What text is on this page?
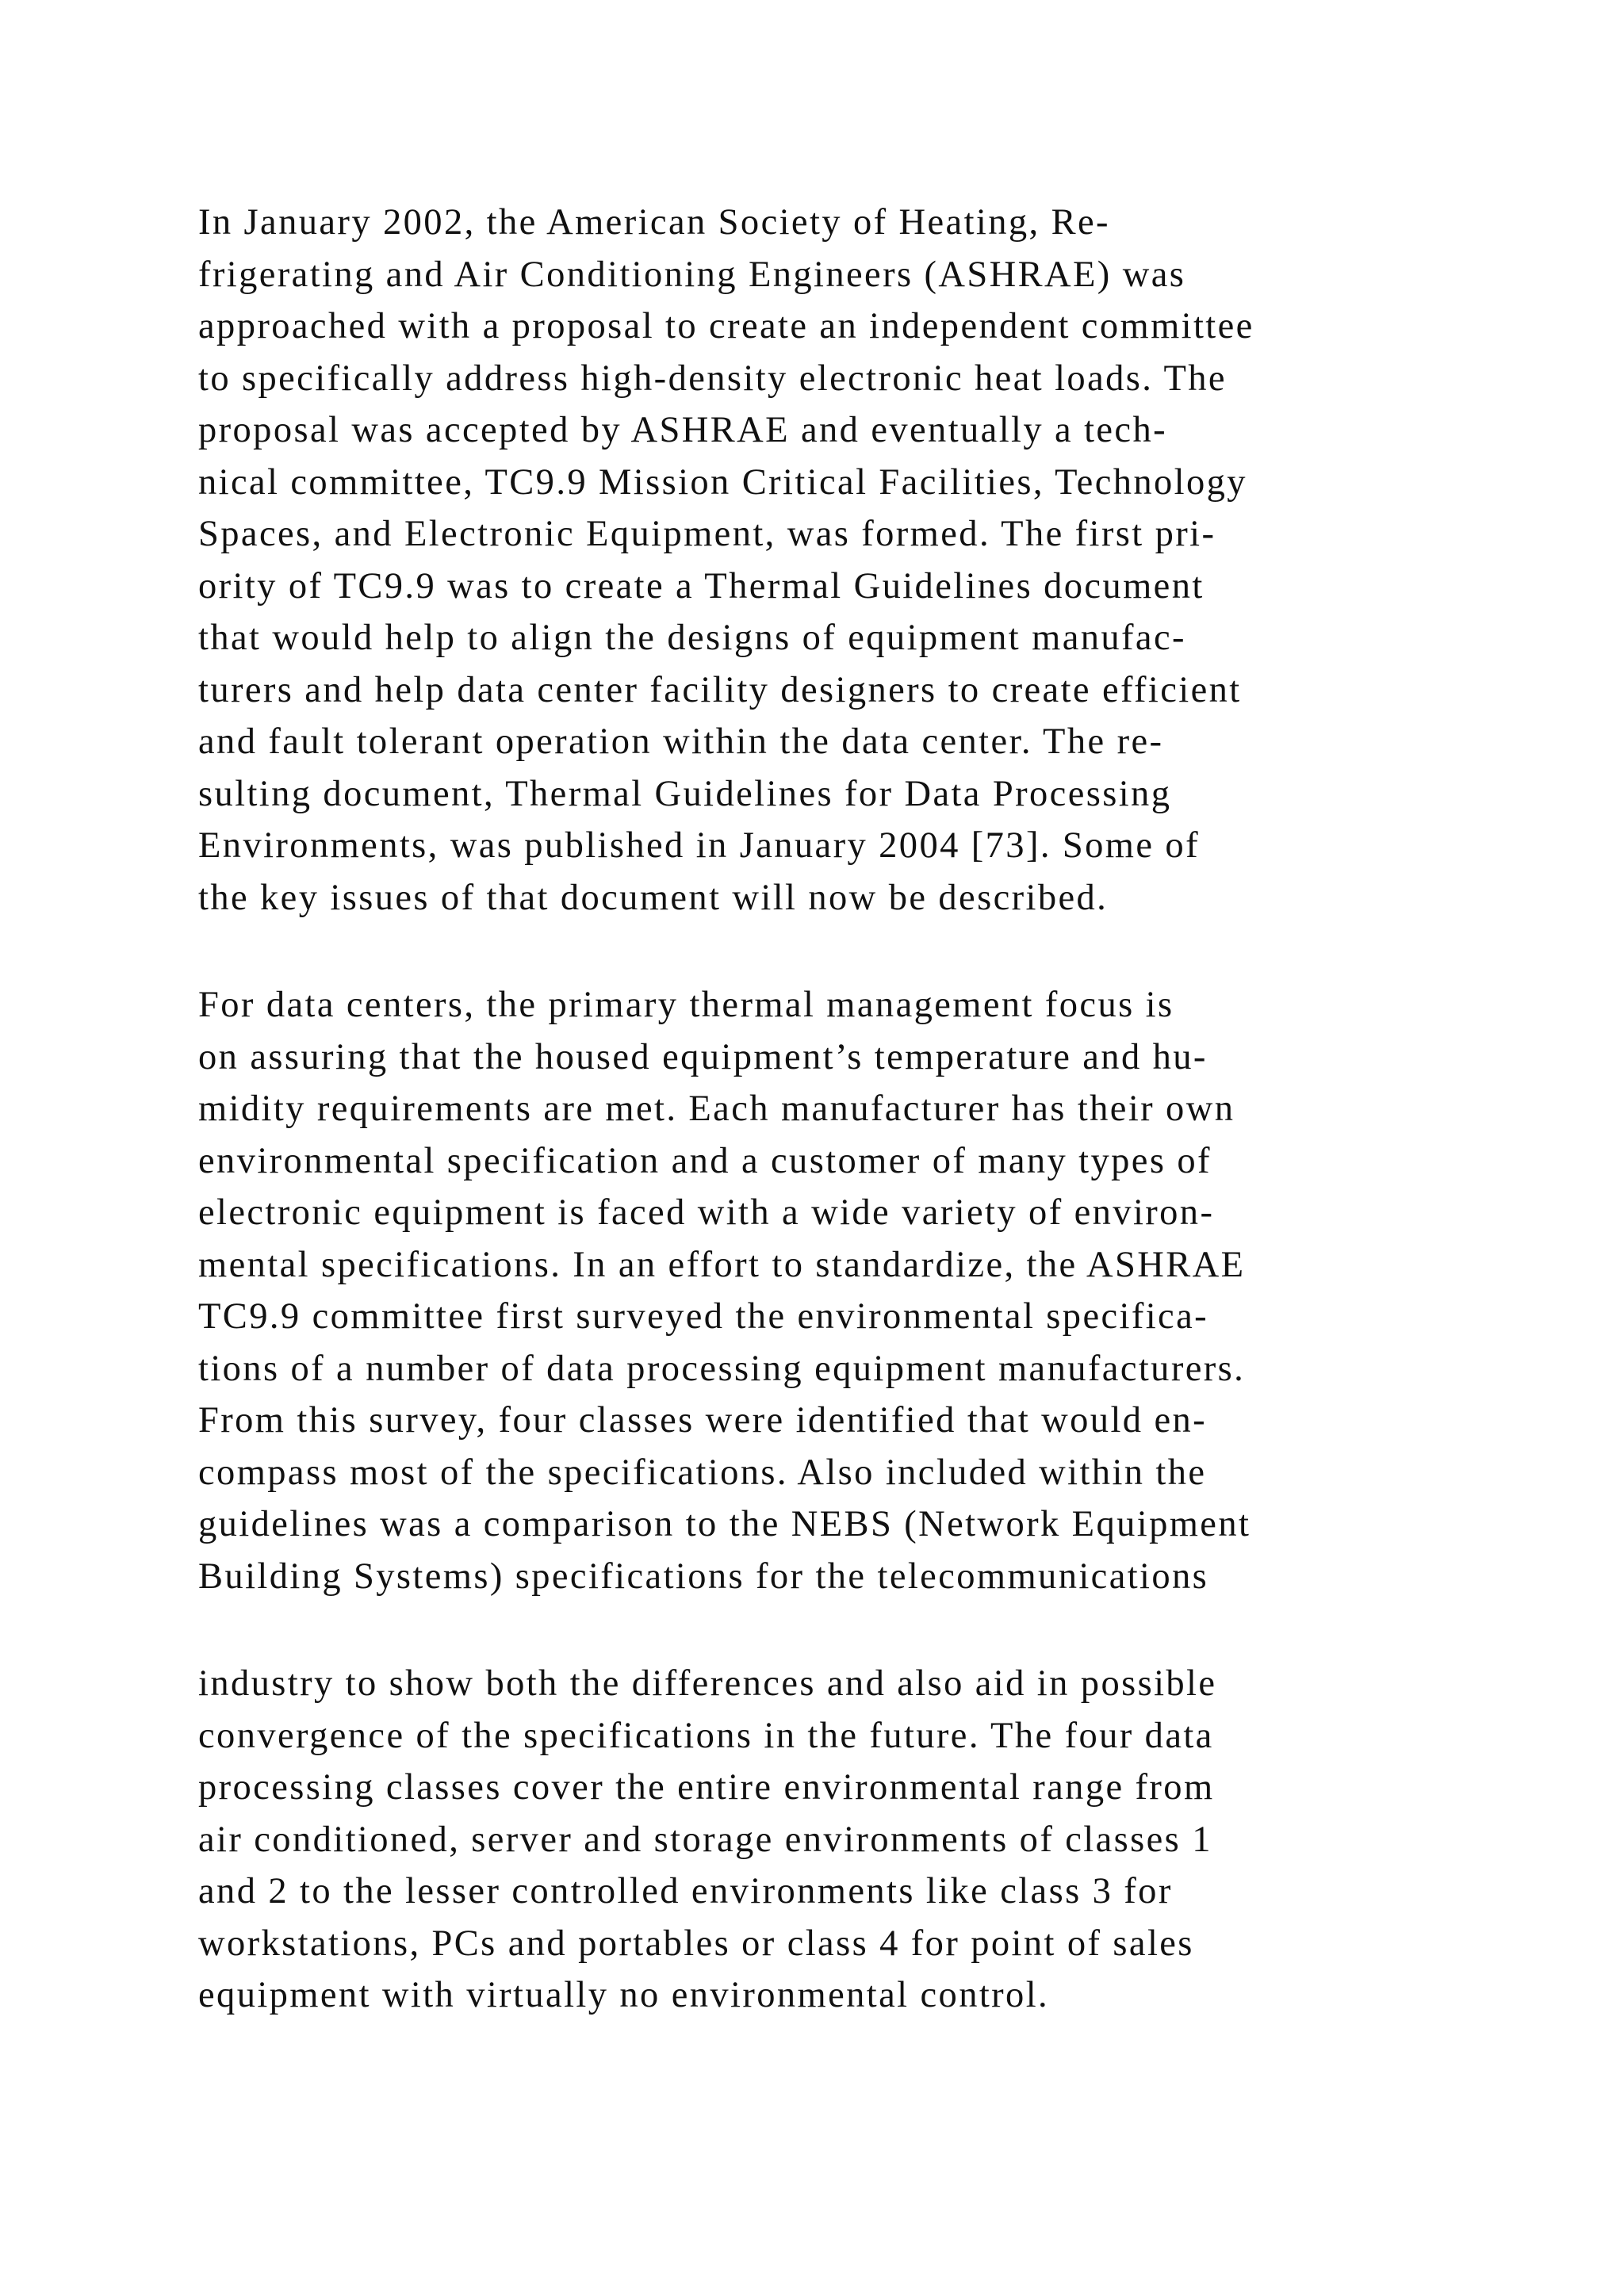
In January 2002, the American Society of Heating, Re-
frigerating and Air Conditioning Engineers (ASHRAE) was
approached with a proposal to create an independent committee
to specifically address high-density electronic heat loads. The
proposal was accepted by ASHRAE and eventually a tech-
nical committee, TC9.9 Mission Critical Facilities, Technology
Spaces, and Electronic Equipment, was formed. The first pri-
ority of TC9.9 was to create a Thermal Guidelines document
that would help to align the designs of equipment manufac-
turers and help data center facility designers to create efficient
and fault tolerant operation within the data center. The re-
sulting document, Thermal Guidelines for Data Processing
Environments, was published in January 2004 [73]. Some of
the key issues of that document will now be described.

For data centers, the primary thermal management focus is
on assuring that the housed equipment’s temperature and hu-
midity requirements are met. Each manufacturer has their own
environmental specification and a customer of many types of
electronic equipment is faced with a wide variety of environ-
mental specifications. In an effort to standardize, the ASHRAE
TC9.9 committee first surveyed the environmental specifica-
tions of a number of data processing equipment manufacturers.
From this survey, four classes were identified that would en-
compass most of the specifications. Also included within the
guidelines was a comparison to the NEBS (Network Equipment
Building Systems) specifications for the telecommunications

industry to show both the differences and also aid in possible
convergence of the specifications in the future. The four data
processing classes cover the entire environmental range from
air conditioned, server and storage environments of classes 1
and 2 to the lesser controlled environments like class 3 for
workstations, PCs and portables or class 4 for point of sales
equipment with virtually no environmental control.
